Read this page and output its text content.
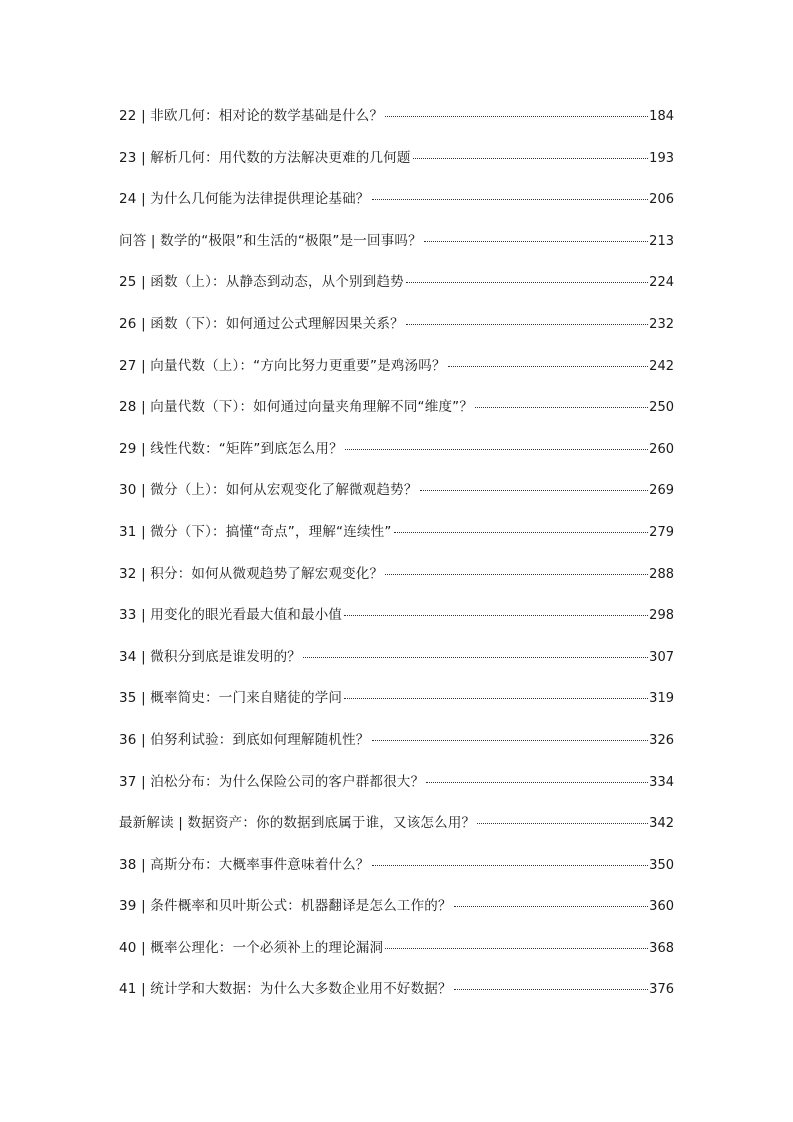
22 | 非欧几何：相对论的数学基础是什么？	184
23 | 解析几何：用代数的方法解决更难的几何题	193
24 | 为什么几何能为法律提供理论基础？	206
问答 | 数学的“极限”和生活的“极限”是一回事吗？	213
25 | 函数（上）：从静态到动态，从个别到趋势	224
26 | 函数（下）：如何通过公式理解因果关系？	232
27 | 向量代数（上）：“方向比努力更重要”是鸡汤吗？	242
28 | 向量代数（下）：如何通过向量夹角理解不同“维度”？	250
29 | 线性代数：“矩阵”到底怎么用？	260
30 | 微分（上）：如何从宏观变化了解微观趋势？	269
31 | 微分（下）：搞懂“奇点”，理解“连续性”	279
32 | 积分：如何从微观趋势了解宏观变化？	288
33 | 用变化的眼光看最大值和最小值	298
34 | 微积分到底是谁发明的？	307
35 | 概率简史：一门来自赌徒的学问	319
36 | 伯努利试验：到底如何理解随机性？	326
37 | 泊松分布：为什么保险公司的客户群都很大？	334
最新解读 | 数据资产：你的数据到底属于谁，又该怎么用？	342
38 | 高斯分布：大概率事件意味着什么？	350
39 | 条件概率和贝叶斯公式：机器翻译是怎么工作的？	360
40 | 概率公理化：一个必须补上的理论漏洞	368
41 | 统计学和大数据：为什么大多数企业用不好数据？	376
